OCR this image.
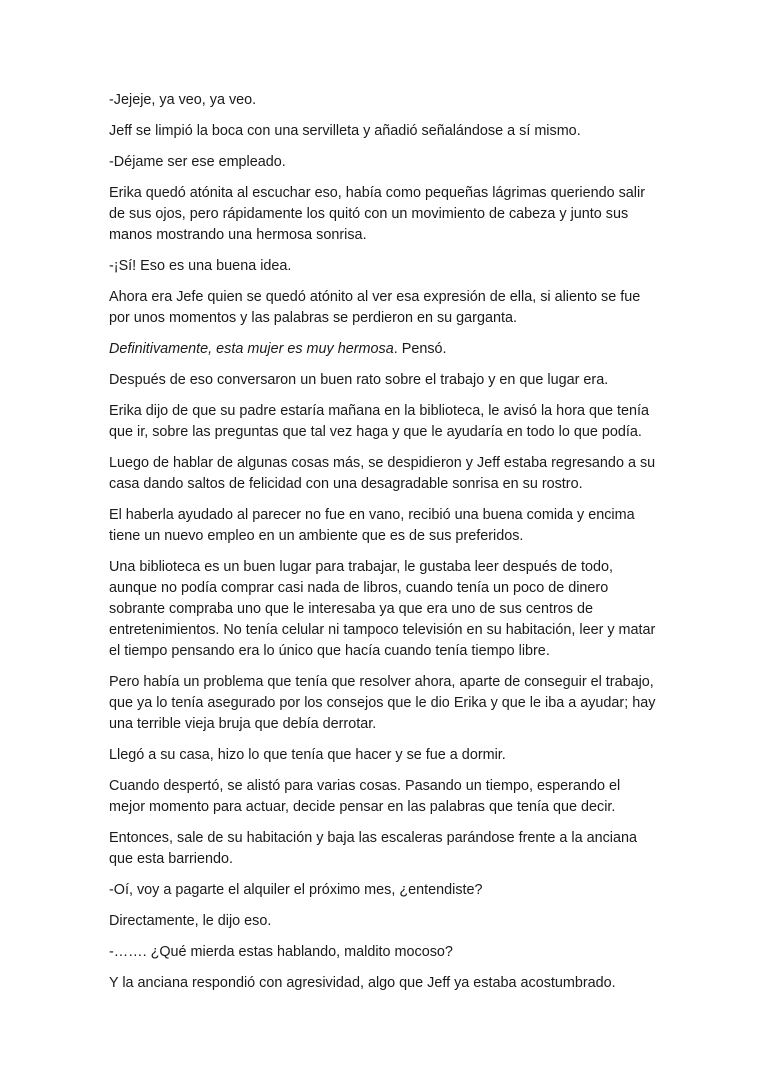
-Jejeje, ya veo, ya veo.

Jeff se limpió la boca con una servilleta y añadió señalándose a sí mismo.

-Déjame ser ese empleado.

Erika quedó atónita al escuchar eso, había como pequeñas lágrimas queriendo salir de sus ojos, pero rápidamente los quitó con un movimiento de cabeza y junto sus manos mostrando una hermosa sonrisa.

-¡Sí! Eso es una buena idea.

Ahora era Jefe quien se quedó atónito al ver esa expresión de ella, si aliento se fue por unos momentos y las palabras se perdieron en su garganta.

Definitivamente, esta mujer es muy hermosa. Pensó.

Después de eso conversaron un buen rato sobre el trabajo y en que lugar era.

Erika dijo de que su padre estaría mañana en la biblioteca, le avisó la hora que tenía que ir, sobre las preguntas que tal vez haga y que le ayudaría en todo lo que podía.

Luego de hablar de algunas cosas más, se despidieron y Jeff estaba regresando a su casa dando saltos de felicidad con una desagradable sonrisa en su rostro.

El haberla ayudado al parecer no fue en vano, recibió una buena comida y encima tiene un nuevo empleo en un ambiente que es de sus preferidos.

Una biblioteca es un buen lugar para trabajar, le gustaba leer después de todo, aunque no podía comprar casi nada de libros, cuando tenía un poco de dinero sobrante compraba uno que le interesaba ya que era uno de sus centros de entretenimientos. No tenía celular ni tampoco televisión en su habitación, leer y matar el tiempo pensando era lo único que hacía cuando tenía tiempo libre.

Pero había un problema que tenía que resolver ahora, aparte de conseguir el trabajo, que ya lo tenía asegurado por los consejos que le dio Erika y que le iba a ayudar; hay una terrible vieja bruja que debía derrotar.

Llegó a su casa, hizo lo que tenía que hacer y se fue a dormir.

Cuando despertó, se alistó para varias cosas. Pasando un tiempo, esperando el mejor momento para actuar, decide pensar en las palabras que tenía que decir.

Entonces, sale de su habitación y baja las escaleras parándose frente a la anciana que esta barriendo.

-Oí, voy a pagarte el alquiler el próximo mes, ¿entendiste?

Directamente, le dijo eso.

-……. ¿Qué mierda estas hablando, maldito mocoso?

Y la anciana respondió con agresividad, algo que Jeff ya estaba acostumbrado.
